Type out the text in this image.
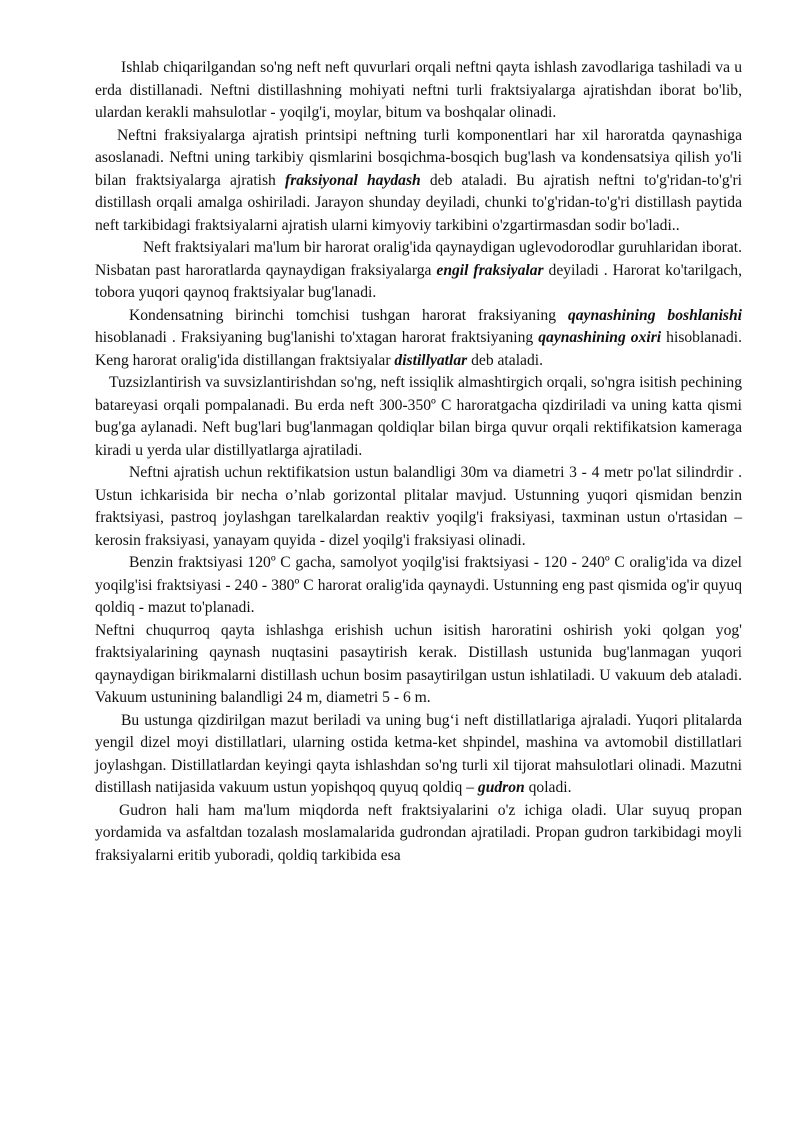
Ishlab chiqarilgandan so'ng neft neft quvurlari orqali neftni qayta ishlash zavodlariga tashiladi va u erda distillanadi. Neftni distillashning mohiyati neftni turli fraktsiyalarga ajratishdan iborat bo'lib, ulardan kerakli mahsulotlar - yoqilg'i, moylar, bitum va boshqalar olinadi.

Neftni fraksiyalarga ajratish printsipi neftning turli komponentlari har xil haroratda qaynashiga asoslanadi. Neftni uning tarkibiy qismlarini bosqichma-bosqich bug'lash va kondensatsiya qilish yo'li bilan fraktsiyalarga ajratish fraksiyonal haydash deb ataladi. Bu ajratish neftni to'g'ridan-to'g'ri distillash orqali amalga oshiriladi. Jarayon shunday deyiladi, chunki to'g'ridan-to'g'ri distillash paytida neft tarkibidagi fraktsiyalarni ajratish ularni kimyoviy tarkibini o'zgartirmasdan sodir bo'ladi..

Neft fraktsiyalari ma'lum bir harorat oralig'ida qaynaydigan uglevodorodlar guruhlaridan iborat. Nisbatan past haroratlarda qaynaydigan fraksiyalarga engil fraksiyalar deyiladi . Harorat ko'tarilgach, tobora yuqori qaynoq fraktsiyalar bug'lanadi.

Kondensatning birinchi tomchisi tushgan harorat fraksiyaning qaynashining boshlanishi hisoblanadi . Fraksiyaning bug'lanishi to'xtagan harorat fraktsiyaning qaynashining oxiri hisoblanadi. Keng harorat oralig'ida distillangan fraktsiyalar distillyatlar deb ataladi.

Tuzsizlantirish va suvsizlantirishdan so'ng, neft issiqlik almashtirgich orqali, so'ngra isitish pechining batareyasi orqali pompalanadi. Bu erda neft 300-350º C haroratgacha qizdiriladi va uning katta qismi bug'ga aylanadi. Neft bug'lari bug'lanmagan qoldiqlar bilan birga quvur orqali rektifikatsion kameraga kiradi u yerda ular distillyatlarga ajratiladi.

Neftni ajratish uchun rektifikatsion ustun balandligi 30m va diametri 3 - 4 metr po'lat silindrdir . Ustun ichkarisida bir necha o’nlab gorizontal plitalar mavjud. Ustunning yuqori qismidan benzin fraktsiyasi, pastroq joylashgan tarelkalardan reaktiv yoqilg'i fraksiyasi, taxminan ustun o'rtasidan – kerosin fraksiyasi, yanayam quyida - dizel yoqilg'i fraksiyasi olinadi.

Benzin fraktsiyasi 120º C gacha, samolyot yoqilg'isi fraktsiyasi - 120 - 240º C oralig'ida va dizel yoqilg'isi fraktsiyasi - 240 - 380º C harorat oralig'ida qaynaydi. Ustunning eng past qismida og'ir quyuq qoldiq - mazut to'planadi.

Neftni chuqurroq qayta ishlashga erishish uchun isitish haroratini oshirish yoki qolgan yog' fraktsiyalarining qaynash nuqtasini pasaytirish kerak. Distillash ustunida bug'lanmagan yuqori qaynaydigan birikmalarni distillash uchun bosim pasaytirilgan ustun ishlatiladi. U vakuum deb ataladi. Vakuum ustunining balandligi 24 m, diametri 5 - 6 m.

Bu ustunga qizdirilgan mazut beriladi va uning bug‘i neft distillatlariga ajraladi. Yuqori plitalarda yengil dizel moyi distillatlari, ularning ostida ketma-ket shpindel, mashina va avtomobil distillatlari joylashgan. Distillatlardan keyingi qayta ishlashdan so'ng turli xil tijorat mahsulotlari olinadi. Mazutni distillash natijasida vakuum ustun yopishqoq quyuq qoldiq – gudron qoladi.

Gudron hali ham ma'lum miqdorda neft fraktsiyalarini o'z ichiga oladi. Ular suyuq propan yordamida va asfaltdan tozalash moslamalarida gudrondan ajratiladi. Propan gudron tarkibidagi moyli fraksiyalarni eritib yuboradi, qoldiq tarkibida esa
